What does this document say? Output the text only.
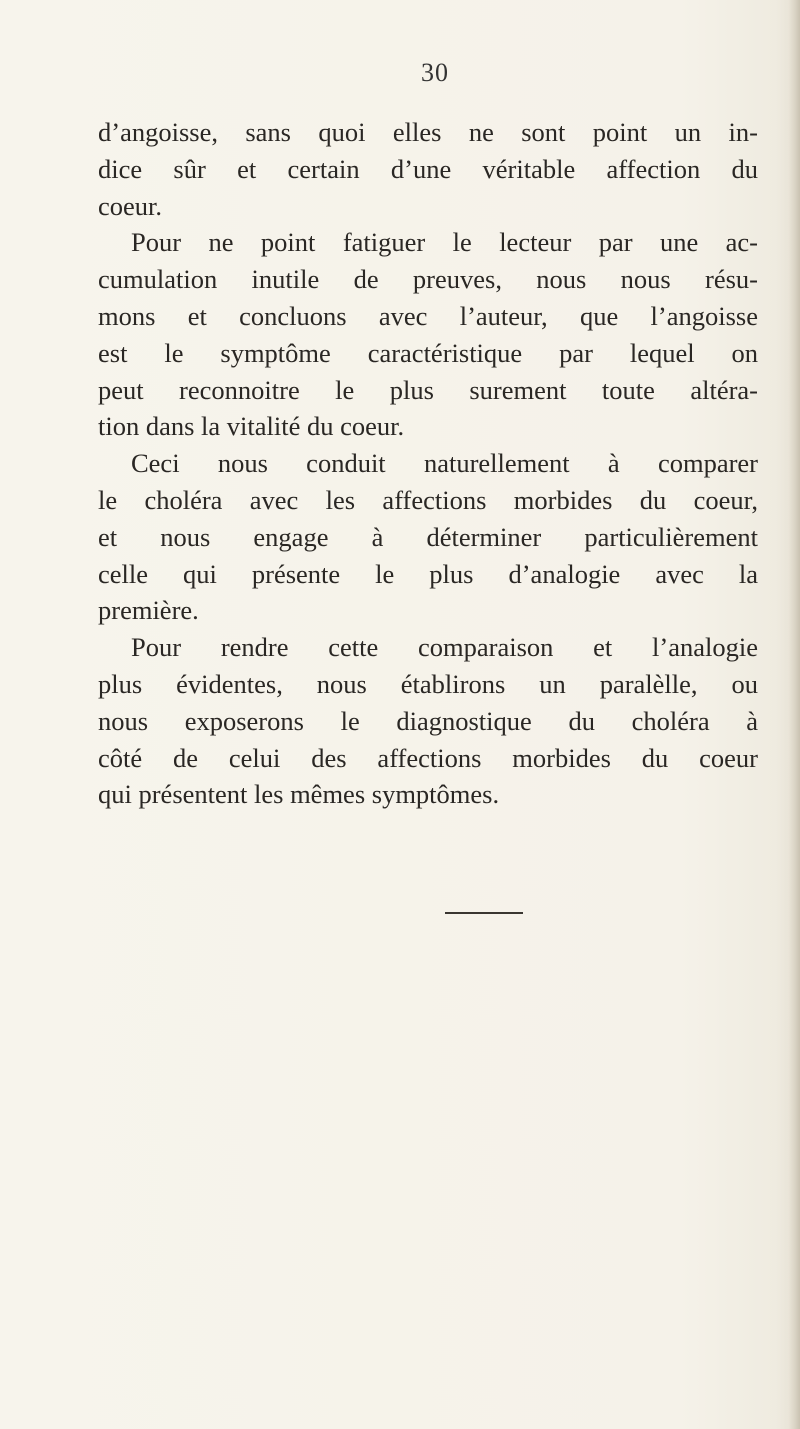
30
d’angoisse, sans quoi elles ne sont point un in-
dice sûr et certain d’une véritable affection du
coeur.
Pour ne point fatiguer le lecteur par une ac-
cumulation inutile de preuves, nous nous résu-
mons et concluons avec l’auteur, que l’angoisse
est le symptôme caractéristique par lequel on
peut reconnoitre le plus surement toute altéra-
tion dans la vitalité du coeur.
Ceci nous conduit naturellement à comparer
le choléra avec les affections morbides du coeur,
et nous engage à déterminer particulièrement
celle qui présente le plus d’analogie avec la
première.
Pour rendre cette comparaison et l’analogie
plus évidentes, nous établirons un paralèlle, ou
nous exposerons le diagnostique du choléra à
côté de celui des affections morbides du coeur
qui présentent les mêmes symptômes.
